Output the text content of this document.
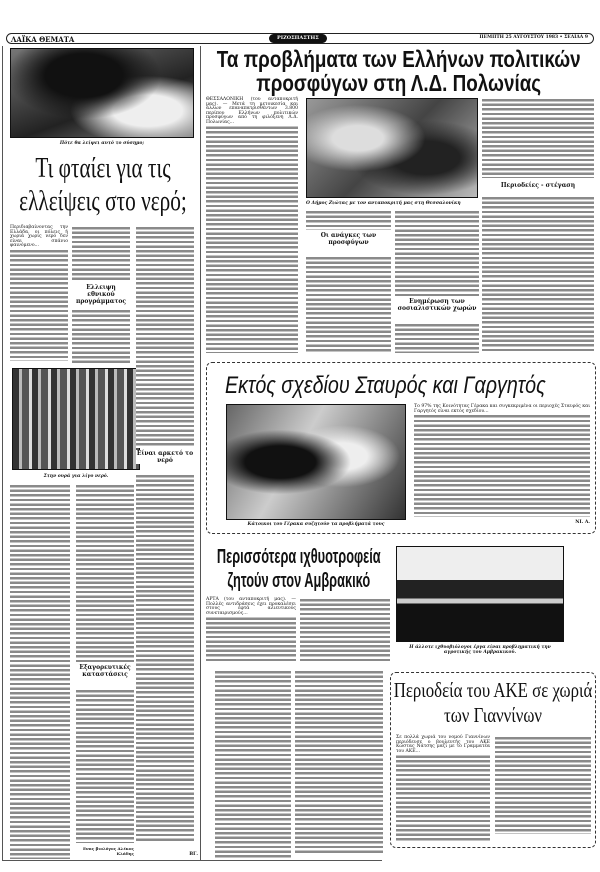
ΛΑΪΚΑ ΘΕΜΑΤΑ	ΡΙΖΟΣΠΑΣΤΗΣ	ΠΕΜΠΤΗ 25 ΑΥΓΟΥΣΤΟΥ 1983 • ΣΕΛΙΔΑ 9
Πότε θα λείψει αυτό το σύσημο;
Τι φταίει για τις ελλείψεις στο νερό;
Περιδιαβαίνοντας την Ελλάδα, οι πόλεις ή χωριά χωρίς νερό δεν είναι σπάνιο φαινόμενο...
Στην ουρά για λίγο νερό.
Ελλειψη εθνικού προγράμματος
Εξαγορευτικές καταστάσεις
Ενας βιολόγος Αλέκος Κλάδης
Είναι αρκετό το νερό
Τα προβλήματα των Ελλήνων πολιτικών προσφύγων στη Λ.Δ. Πολωνίας
ΘΕΣΣΑΛΟΝΙΚΗ (του ανταποκριτή μας). — Μετά τη μετοικεσία και άλλων επαναπατρισθέντων 3.800 περίπου Ελλήνων πολιτικών προσφύγων από τη φιλόξενη Λ.Δ. Πολωνίας...
Ο Δήμος Ζιώτας με τον ανταποκριτή μας στη Θεσσαλονίκη
Οι ανάγκες των προσφύγων
Ενημέρωση των σοσιαλιστικών χωρών
Περιοδείες - στέγαση
Εκτός σχεδίου Σταυρός και Γαργητός
Κάτοικοι του Γέρακα συζητούν τα προβλήματά τους
Το 97% της Κοινότητας Γέρακα και συγκεκριμένα οι περιοχές Σταυρός και Γαργητός είναι εκτός σχεδίου...
ΝΙ. Α.
Περισσότερα ιχθυοτροφεία ζητούν στον Αμβρακικό
ΑΡΤΑ (του ανταποκριτή μας). — Πολλές αντιδράσεις έχει προκαλέσει στους εφτά αλιευτικούς συνεταιρισμούς...
Η άλλοτε ιχθυοβιόλογοι έργα είναι προβληματική την αγροτικής του Αμβρακικού.
ΒΓ.
Περιοδεία του ΑΚΕ σε χωριά των Γιαννίνων
Σε πολλά χωριά του νομού Γιαννίνων περιόδευσε ο βουλευτής του ΑΚΕ Κώστας Νάτσης μαζί με το Γραμματέα του ΑΚΕ...
